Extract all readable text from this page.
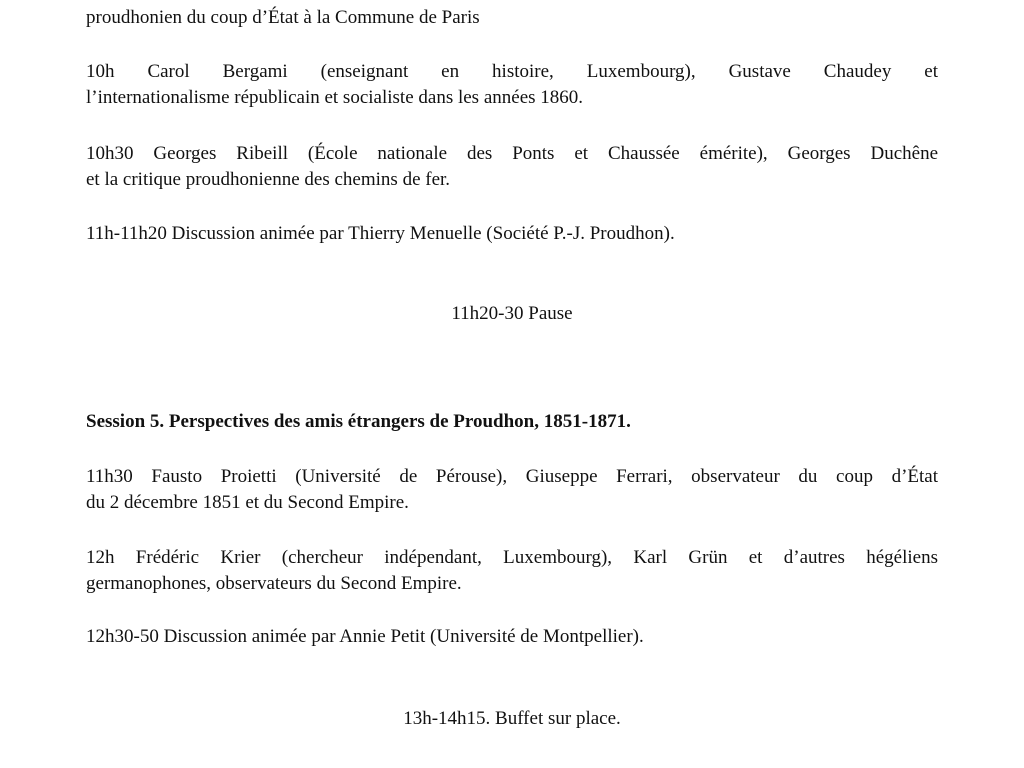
proudhonien du coup d’État à la Commune de Paris
10h Carol Bergami (enseignant en histoire, Luxembourg), Gustave Chaudey et
l’internationalisme républicain et socialiste dans les années 1860.
10h30 Georges Ribeill (École nationale des Ponts et Chaussée émérite), Georges Duchêne
et la critique proudhonienne des chemins de fer.
11h-11h20 Discussion animée par Thierry Menuelle (Société P.-J. Proudhon).
11h20-30 Pause
Session 5. Perspectives des amis étrangers de Proudhon, 1851-1871.
11h30 Fausto Proietti (Université de Pérouse), Giuseppe Ferrari, observateur du coup d’État
du 2 décembre 1851 et du Second Empire.
12h Frédéric Krier (chercheur indépendant, Luxembourg), Karl Grün et d’autres hégéliens
germanophones, observateurs du Second Empire.
12h30-50 Discussion animée par Annie Petit (Université de Montpellier).
13h-14h15. Buffet sur place.
